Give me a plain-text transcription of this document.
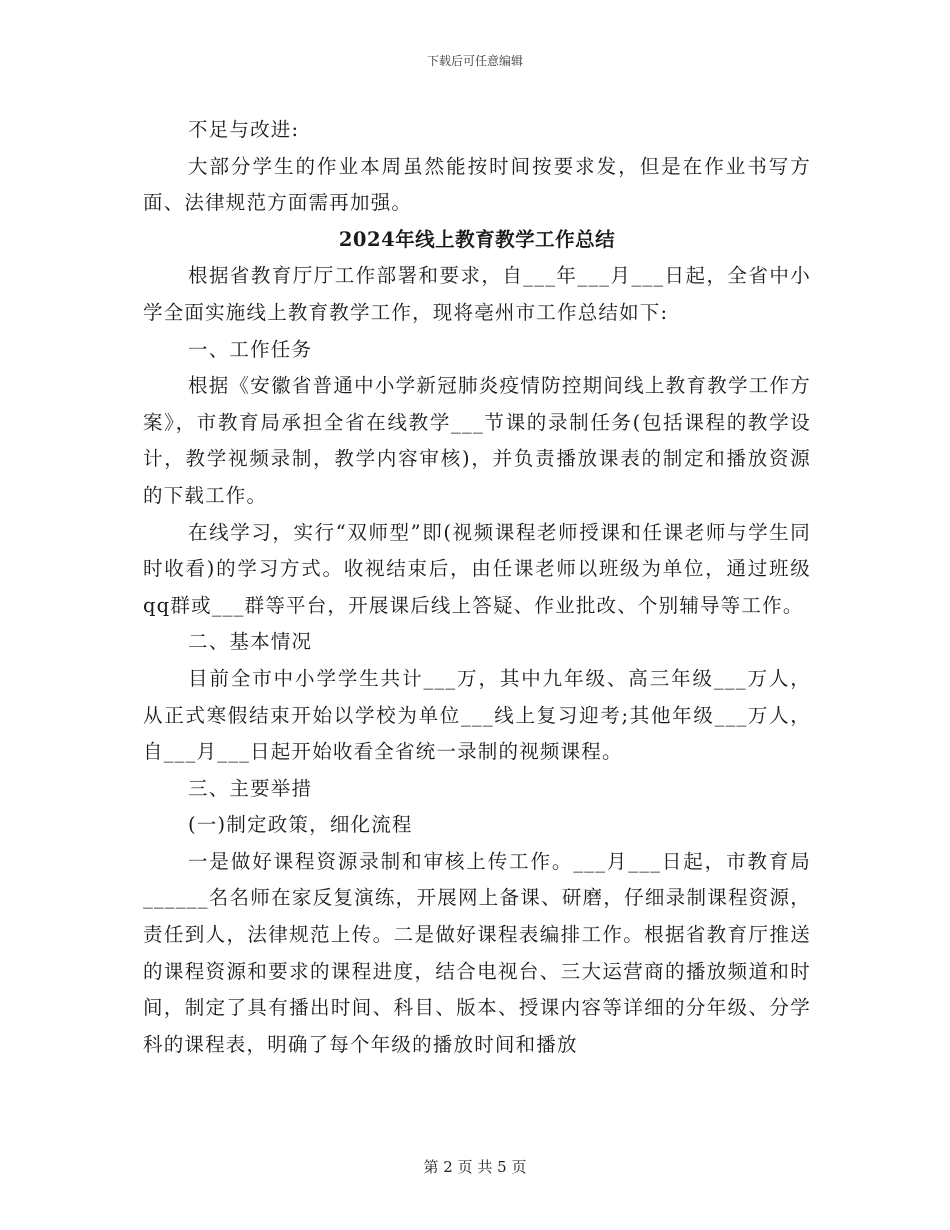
下载后可任意编辑

不足与改进:

大部分学生的作业本周虽然能按时间按要求发，但是在作业书写方面、法律规范方面需再加强。

2024年线上教育教学工作总结

根据省教育厅厅工作部署和要求，自___年___月___日起，全省中小学全面实施线上教育教学工作，现将亳州市工作总结如下:

一、工作任务

根据《安徽省普通中小学新冠肺炎疫情防控期间线上教育教学工作方案》，市教育局承担全省在线教学___节课的录制任务(包括课程的教学设计，教学视频录制，教学内容审核)，并负责播放课表的制定和播放资源的下载工作。

在线学习，实行“双师型”即(视频课程老师授课和任课老师与学生同时收看)的学习方式。收视结束后，由任课老师以班级为单位，通过班级qq群或___群等平台，开展课后线上答疑、作业批改、个别辅导等工作。

二、基本情况

目前全市中小学学生共计___万，其中九年级、高三年级___万人，从正式寒假结束开始以学校为单位___线上复习迎考;其他年级___万人，自___月___日起开始收看全省统一录制的视频课程。

三、主要举措

(一)制定政策，细化流程

一是做好课程资源录制和审核上传工作。___月___日起，市教育局______名名师在家反复演练，开展网上备课、研磨，仔细录制课程资源，责任到人，法律规范上传。二是做好课程表编排工作。根据省教育厅推送的课程资源和要求的课程进度，结合电视台、三大运营商的播放频道和时间，制定了具有播出时间、科目、版本、授课内容等详细的分年级、分学科的课程表，明确了每个年级的播放时间和播放

第 2 页 共 5 页
